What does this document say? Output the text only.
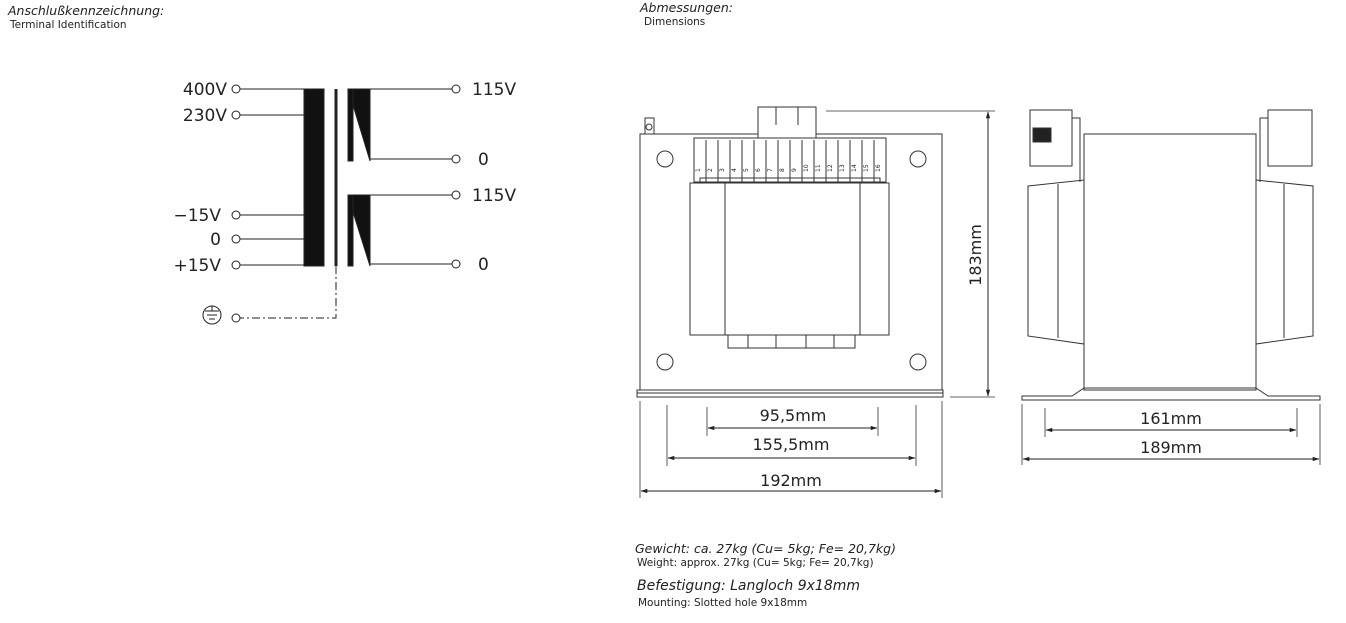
Anschlußkennzeichnung:
Terminal Identification
Abmessungen:
Dimensions
400V
230V
−15V
0
+15V
115V
0
115V
0
1 2 3 4 5 6 7 8 9 10 11 12 13 14 15 16
95,5mm
155,5mm
192mm
183mm
161mm
189mm
Gewicht: ca. 27kg (Cu= 5kg; Fe= 20,7kg)
Weight: approx. 27kg (Cu= 5kg; Fe= 20,7kg)
Befestigung: Langloch 9x18mm
Mounting: Slotted hole 9x18mm
